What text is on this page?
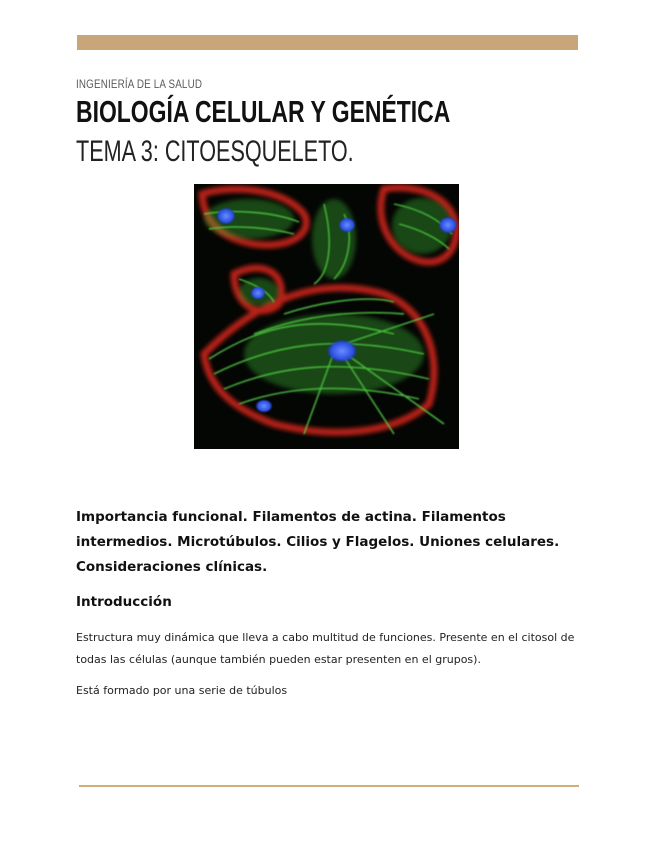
INGENIERÍA DE LA SALUD
BIOLOGÍA CELULAR Y GENÉTICA
TEMA 3: CITOESQUELETO.

Importancia funcional. Filamentos de actina. Filamentos intermedios. Microtúbulos. Cilios y Flagelos. Uniones celulares. Consideraciones clínicas.

Introducción

Estructura muy dinámica que lleva a cabo multitud de funciones. Presente en el citosol de todas las células (aunque también pueden estar presenten en el grupos).

Está formado por una serie de túbulos
